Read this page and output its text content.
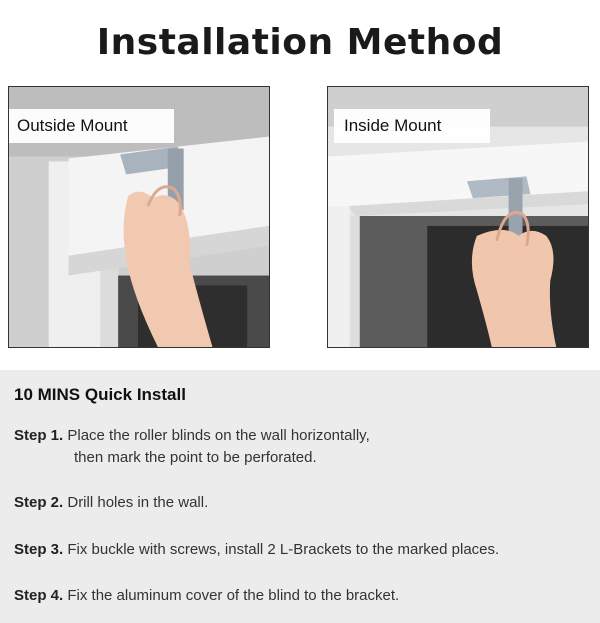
Installation Method
Outside Mount	Inside Mount
10 MINS Quick Install
Step 1. Place the roller blinds on the wall horizontally,
then mark the point to be perforated.
Step 2. Drill holes in the wall.
Step 3. Fix buckle with screws, install 2 L-Brackets to the marked places.
Step 4. Fix the aluminum cover of the blind to the bracket.
